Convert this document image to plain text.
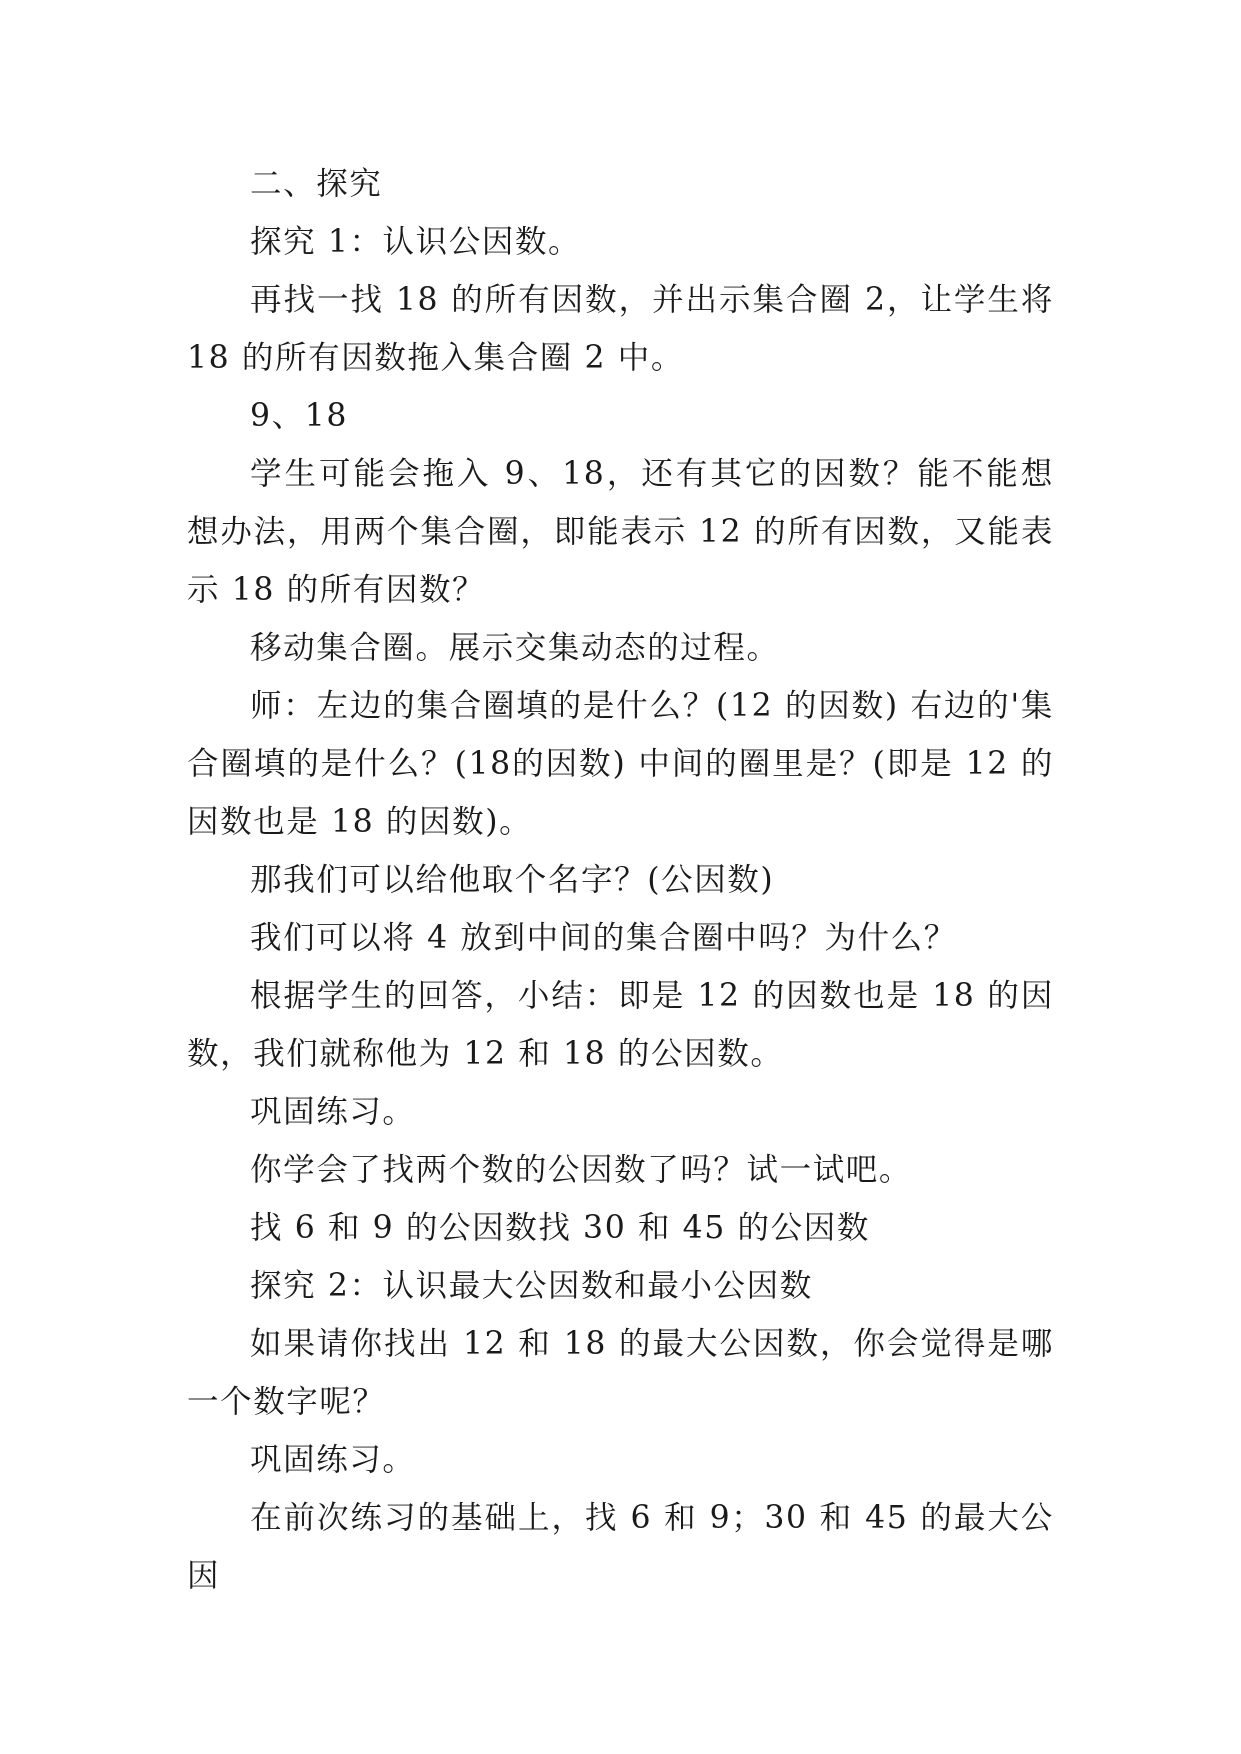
二、探究

探究 1：认识公因数。

再找一找 18 的所有因数，并出示集合圈 2，让学生将 18 的所有因数拖入集合圈 2 中。

9、18

学生可能会拖入 9、18，还有其它的因数？能不能想想办法，用两个集合圈，即能表示 12 的所有因数，又能表示 18 的所有因数？

移动集合圈。展示交集动态的过程。

师：左边的集合圈填的是什么？(12 的因数) 右边的'集合圈填的是什么？(18的因数) 中间的圈里是？(即是 12 的因数也是 18 的因数)。

那我们可以给他取个名字？(公因数)

我们可以将 4 放到中间的集合圈中吗？为什么？

根据学生的回答，小结：即是 12 的因数也是 18 的因数，我们就称他为 12 和 18 的公因数。

巩固练习。

你学会了找两个数的公因数了吗？试一试吧。

找 6 和 9 的公因数找 30 和 45 的公因数

探究 2：认识最大公因数和最小公因数

如果请你找出 12 和 18 的最大公因数，你会觉得是哪一个数字呢？

巩固练习。

在前次练习的基础上，找 6 和 9；30 和 45 的最大公因
